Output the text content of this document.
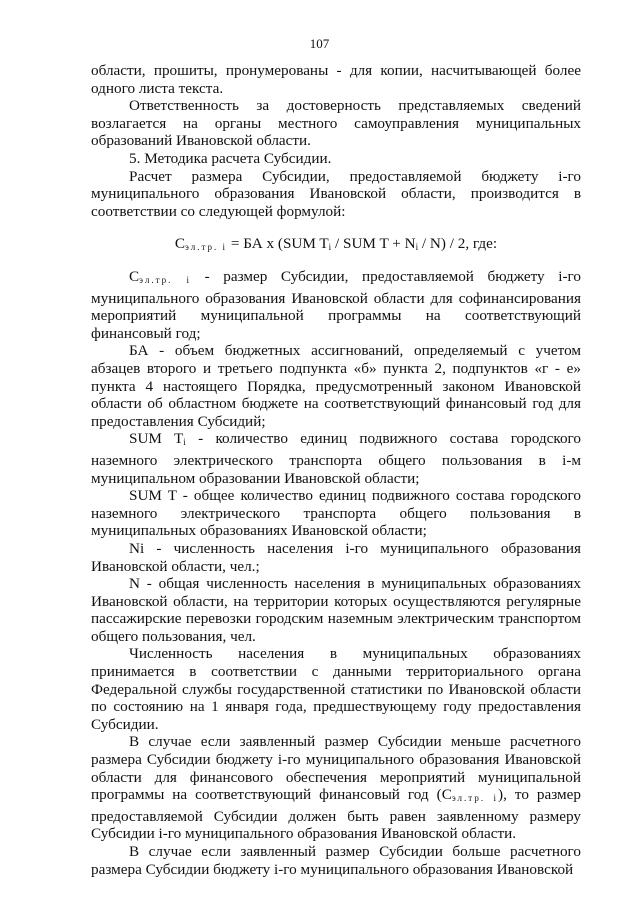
107

области, прошиты, пронумерованы - для копии, насчитывающей более одного листа текста.

Ответственность за достоверность представляемых сведений возлагается на органы местного самоуправления муниципальных образований Ивановской области.

5. Методика расчета Субсидии.

Расчет размера Субсидии, предоставляемой бюджету i-го муниципального образования Ивановской области, производится в соответствии со следующей формулой:

$С_{эл.тр. i}$ = БА х (SUM $T_i$ / SUM $T + N_i / N) / 2$, где:

$С_{эл.тр. i}$ - размер Субсидии, предоставляемой бюджету i-го муниципального образования Ивановской области для софинансирования мероприятий муниципальной программы на соответствующий финансовый год;

БА - объем бюджетных ассигнований, определяемый с учетом абзацев второго и третьего подпункта «б» пункта 2, подпунктов «г - е» пункта 4 настоящего Порядка, предусмотренный законом Ивановской области об областном бюджете на соответствующий финансовый год для предоставления Субсидий;

SUM $T_i$ - количество единиц подвижного состава городского наземного электрического транспорта общего пользования в i-м муниципальном образовании Ивановской области;

SUM T - общее количество единиц подвижного состава городского наземного электрического транспорта общего пользования в муниципальных образованиях Ивановской области;

Ni - численность населения i-го муниципального образования Ивановской области, чел.;

N - общая численность населения в муниципальных образованиях Ивановской области, на территории которых осуществляются регулярные пассажирские перевозки городским наземным электрическим транспортом общего пользования, чел.

Численность населения в муниципальных образованиях принимается в соответствии с данными территориального органа Федеральной службы государственной статистики по Ивановской области по состоянию на 1 января года, предшествующему году предоставления Субсидии.

В случае если заявленный размер Субсидии меньше расчетного размера Субсидии бюджету i-го муниципального образования Ивановской области для финансового обеспечения мероприятий муниципальной программы на соответствующий финансовый год $(С_{эл.тр. i})$, то размер предоставляемой Субсидии должен быть равен заявленному размеру Субсидии i-го муниципального образования Ивановской области.

В случае если заявленный размер Субсидии больше расчетного размера Субсидии бюджету i-го муниципального образования Ивановской
